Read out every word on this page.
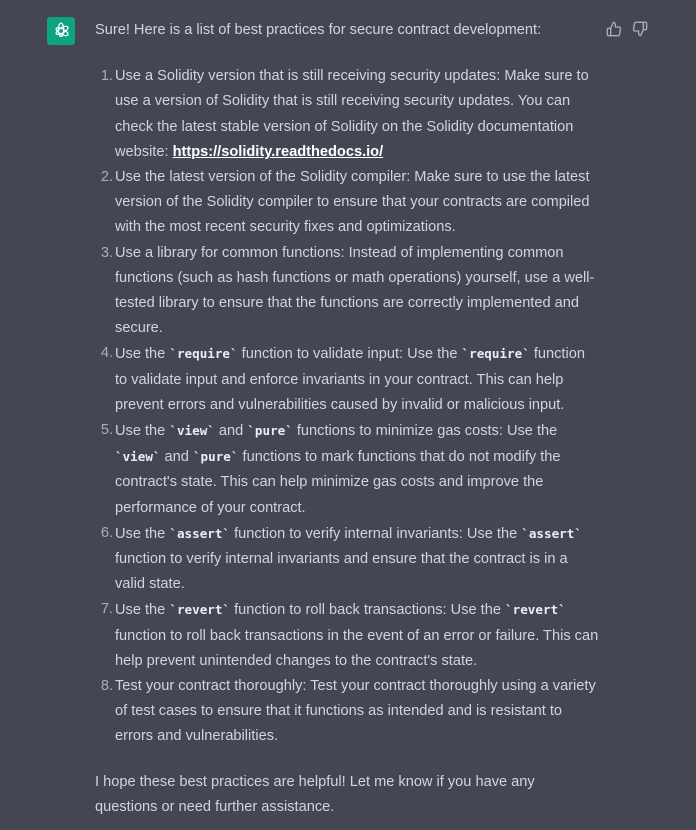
Sure! Here is a list of best practices for secure contract development:

1. Use a Solidity version that is still receiving security updates: Make sure to use a version of Solidity that is still receiving security updates. You can check the latest stable version of Solidity on the Solidity documentation website: https://solidity.readthedocs.io/
2. Use the latest version of the Solidity compiler: Make sure to use the latest version of the Solidity compiler to ensure that your contracts are compiled with the most recent security fixes and optimizations.
3. Use a library for common functions: Instead of implementing common functions (such as hash functions or math operations) yourself, use a well-tested library to ensure that the functions are correctly implemented and secure.
4. Use the `require` function to validate input: Use the `require` function to validate input and enforce invariants in your contract. This can help prevent errors and vulnerabilities caused by invalid or malicious input.
5. Use the `view` and `pure` functions to minimize gas costs: Use the `view` and `pure` functions to mark functions that do not modify the contract's state. This can help minimize gas costs and improve the performance of your contract.
6. Use the `assert` function to verify internal invariants: Use the `assert` function to verify internal invariants and ensure that the contract is in a valid state.
7. Use the `revert` function to roll back transactions: Use the `revert` function to roll back transactions in the event of an error or failure. This can help prevent unintended changes to the contract's state.
8. Test your contract thoroughly: Test your contract thoroughly using a variety of test cases to ensure that it functions as intended and is resistant to errors and vulnerabilities.

I hope these best practices are helpful! Let me know if you have any questions or need further assistance.
